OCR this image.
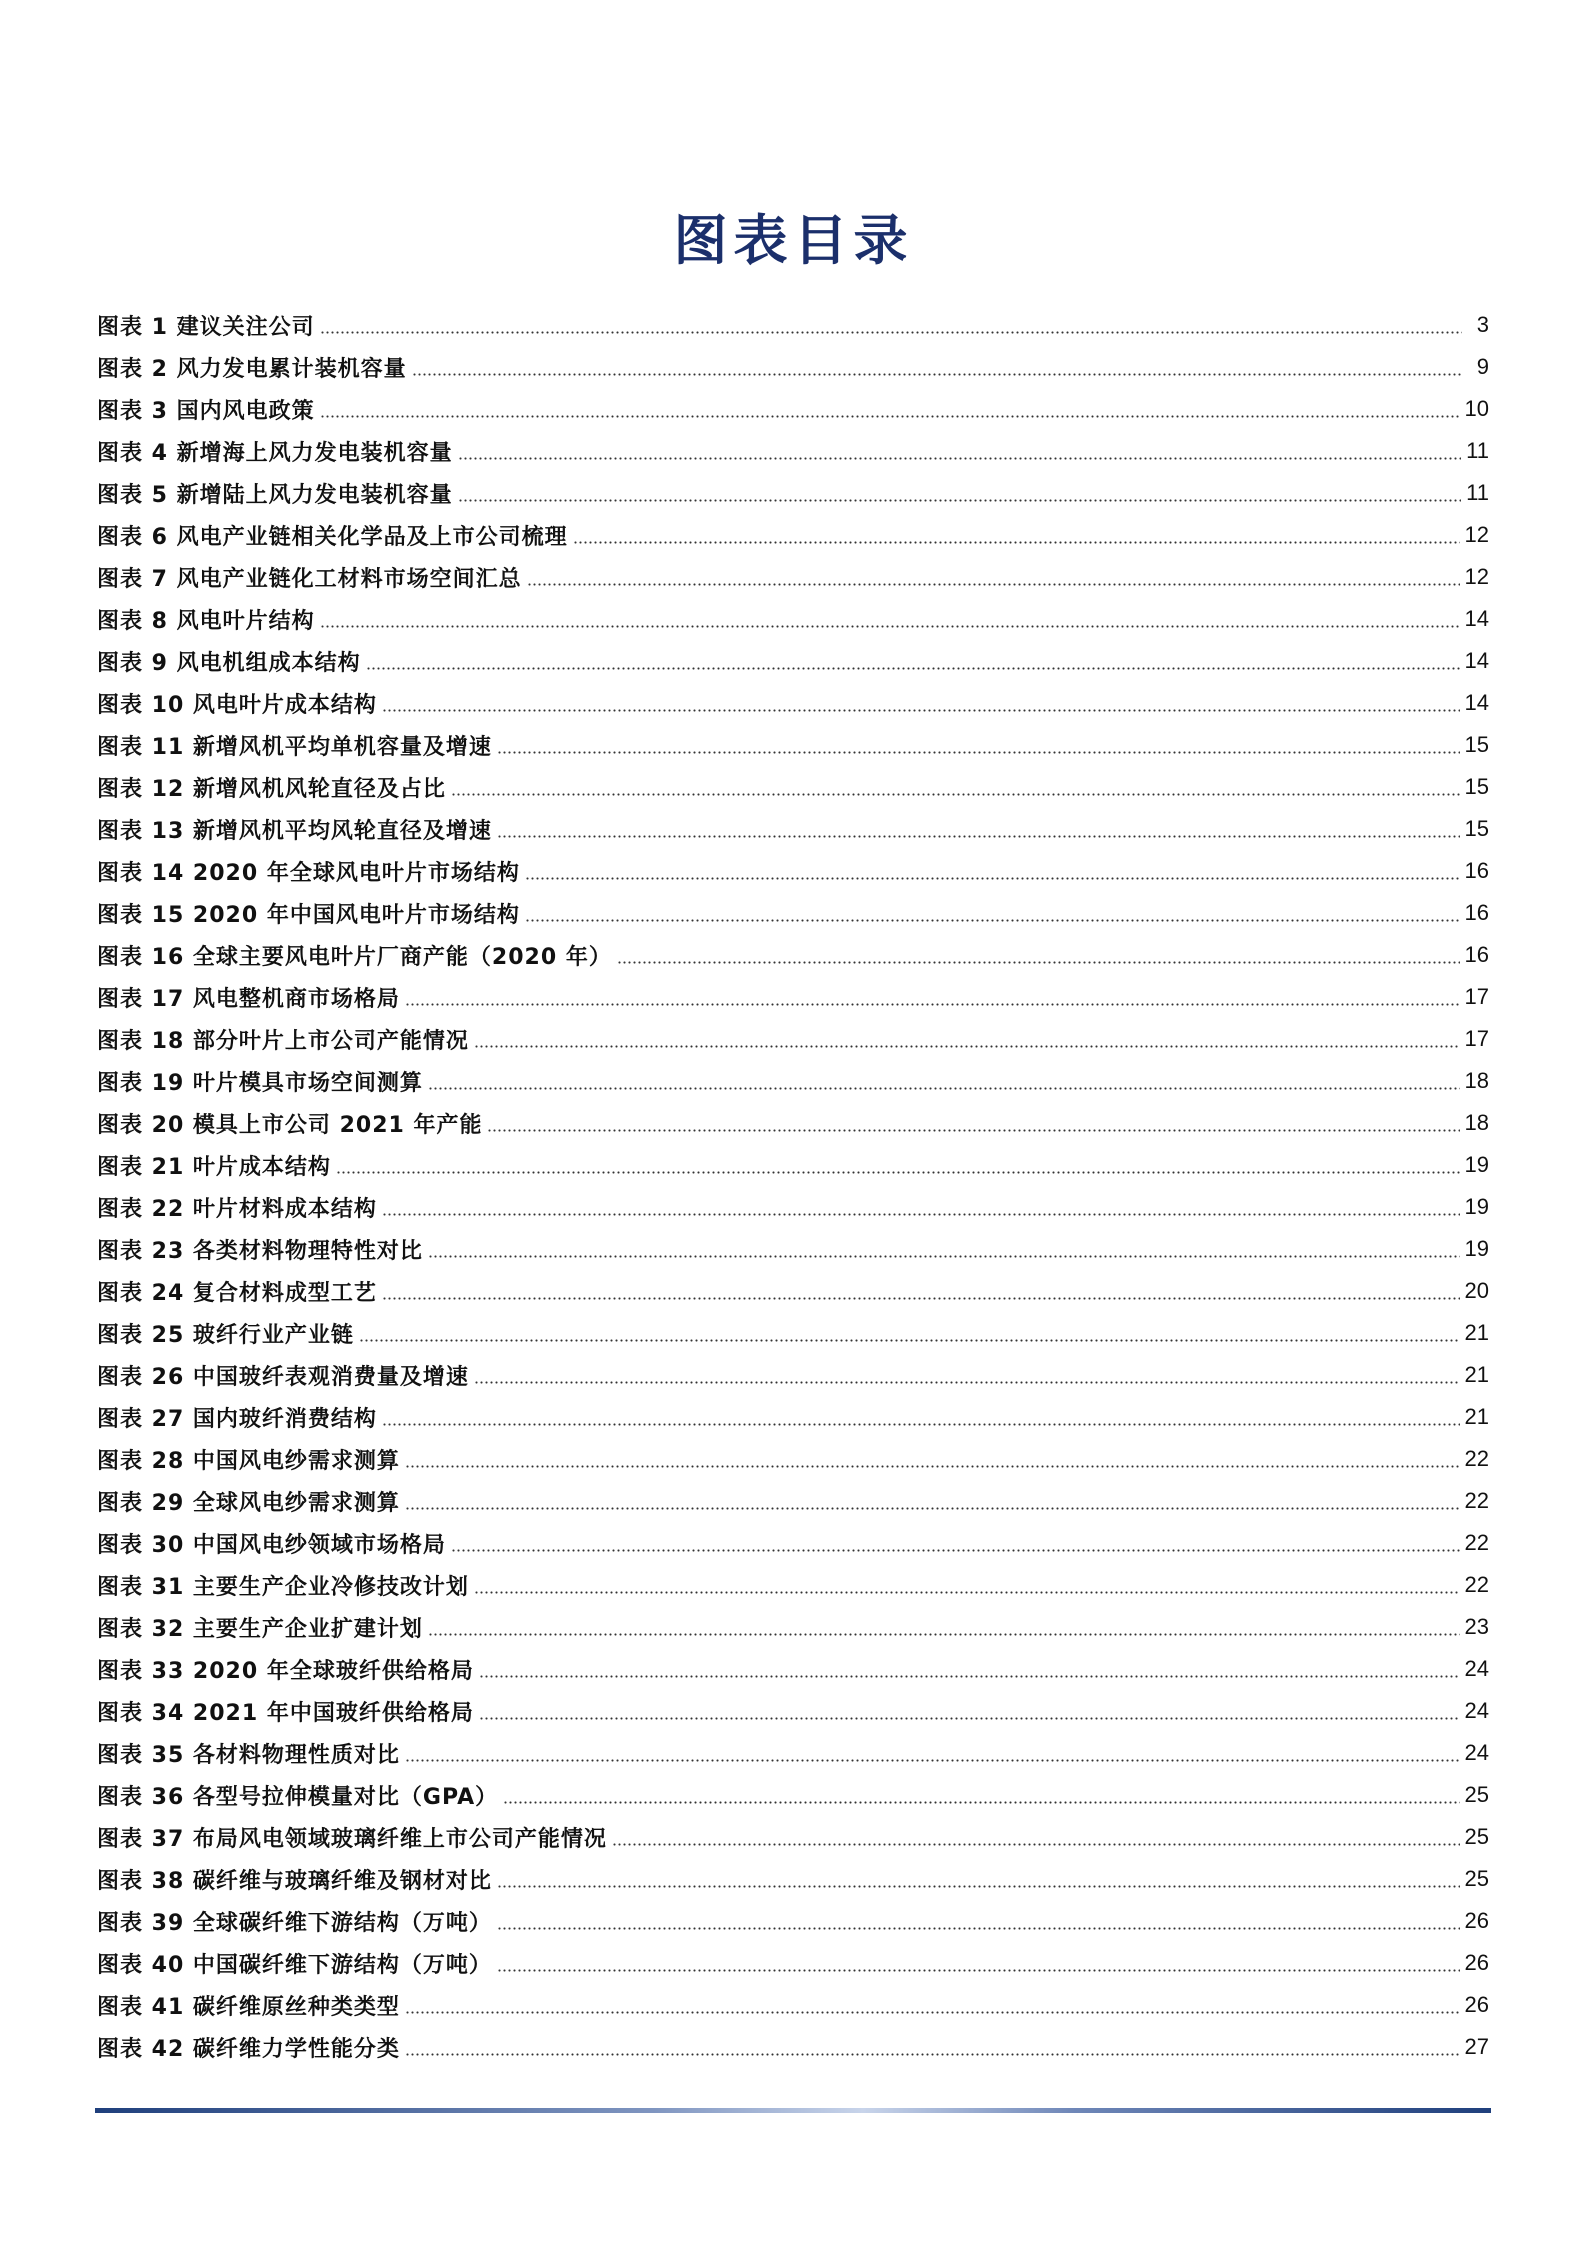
图表目录
图表 1 建议关注公司	3
图表 2 风力发电累计装机容量	9
图表 3 国内风电政策	10
图表 4 新增海上风力发电装机容量	11
图表 5 新增陆上风力发电装机容量	11
图表 6 风电产业链相关化学品及上市公司梳理	12
图表 7 风电产业链化工材料市场空间汇总	12
图表 8 风电叶片结构	14
图表 9 风电机组成本结构	14
图表 10 风电叶片成本结构	14
图表 11 新增风机平均单机容量及增速	15
图表 12 新增风机风轮直径及占比	15
图表 13 新增风机平均风轮直径及增速	15
图表 14 2020 年全球风电叶片市场结构	16
图表 15 2020 年中国风电叶片市场结构	16
图表 16 全球主要风电叶片厂商产能（2020 年）	16
图表 17 风电整机商市场格局	17
图表 18 部分叶片上市公司产能情况	17
图表 19 叶片模具市场空间测算	18
图表 20 模具上市公司 2021 年产能	18
图表 21 叶片成本结构	19
图表 22 叶片材料成本结构	19
图表 23 各类材料物理特性对比	19
图表 24 复合材料成型工艺	20
图表 25 玻纤行业产业链	21
图表 26 中国玻纤表观消费量及增速	21
图表 27 国内玻纤消费结构	21
图表 28 中国风电纱需求测算	22
图表 29 全球风电纱需求测算	22
图表 30 中国风电纱领域市场格局	22
图表 31 主要生产企业冷修技改计划	22
图表 32 主要生产企业扩建计划	23
图表 33 2020 年全球玻纤供给格局	24
图表 34 2021 年中国玻纤供给格局	24
图表 35 各材料物理性质对比	24
图表 36 各型号拉伸模量对比（GPA）	25
图表 37 布局风电领域玻璃纤维上市公司产能情况	25
图表 38 碳纤维与玻璃纤维及钢材对比	25
图表 39 全球碳纤维下游结构（万吨）	26
图表 40 中国碳纤维下游结构（万吨）	26
图表 41 碳纤维原丝种类类型	26
图表 42 碳纤维力学性能分类	27
